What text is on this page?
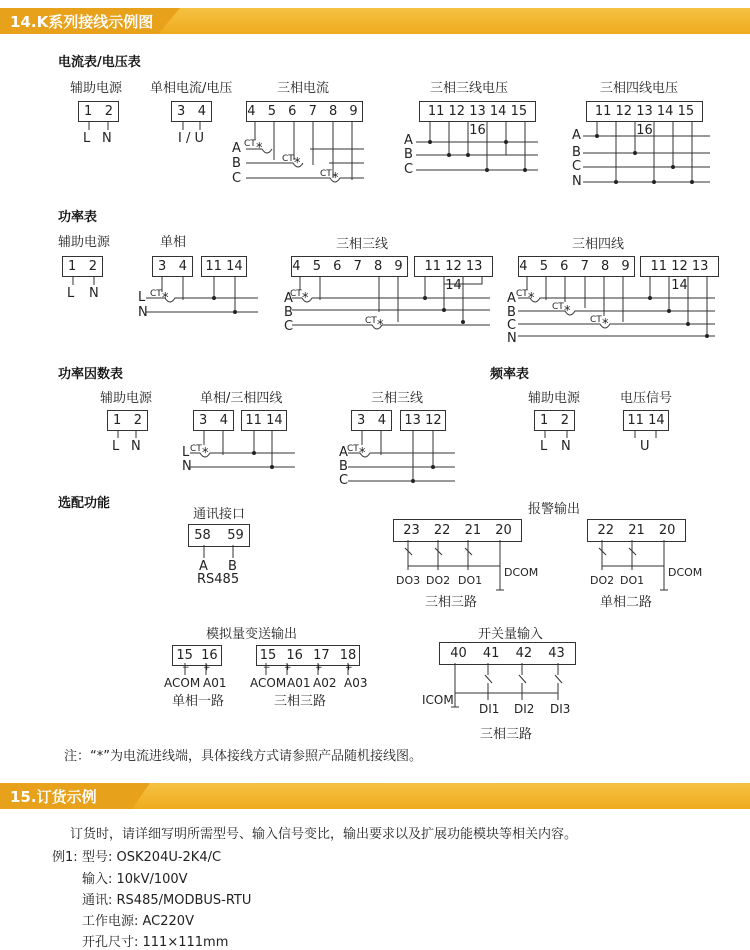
14.K系列接线示例图
电流表/电压表
辅助电源 单相电流/电压	三相电流	三相三线电压	三相四线电压
1 2	3 4	4 5 6 7 8 9	11 12 13 14 15 16
11 12 13 14 15 16
L N	I / U
A
B
C
CT *
CT *
CT *
A
B
C
A
B
C
N
功率表
辅助电源	单相	三相三线	三相四线
1 2	3 4	11 14	4 5 6 7 8 9	11 12 13 14
4 5 6 7 8 9	11 12 13 14
L N	L
N
CT *	A
B
C
CT *
CT *
A
B
C
N
CT *
CT *
CT *
功率因数表	频率表
辅助电源	单相/三相四线	三相三线	辅助电源	电压信号
1 2	3 4	11 14	3 4	13 12	1 2	11 14
L N	L
N
CT *	A
B
C
CT *	L N	U
选配功能
通讯接口
58 59
A B
RS485
报警输出
23 22 21 20
DCOM
DO3 DO2 DO1
三相三路
22 21 20
DCOM
DO2 DO1
单相二路
模拟量变送输出
15 16	15 16 17 18
− +	− +	+ +
ACOM A01
单相一路
ACOM A01 A02 A03
三相三路
开关量输入
40 41 42 43
ICOM
DI1 DI2 DI3
三相三路
注：“*”为电流进线端，具体接线方式请参照产品随机接线图。
15.订货示例
订货时，请详细写明所需型号、输入信号变比，输出要求以及扩展功能模块等相关内容。
例1: 型号: OSK204U-2K4/C
输入: 10kV/100V
通讯: RS485/MODBUS-RTU
工作电源: AC220V
开孔尺寸: 111×111mm
